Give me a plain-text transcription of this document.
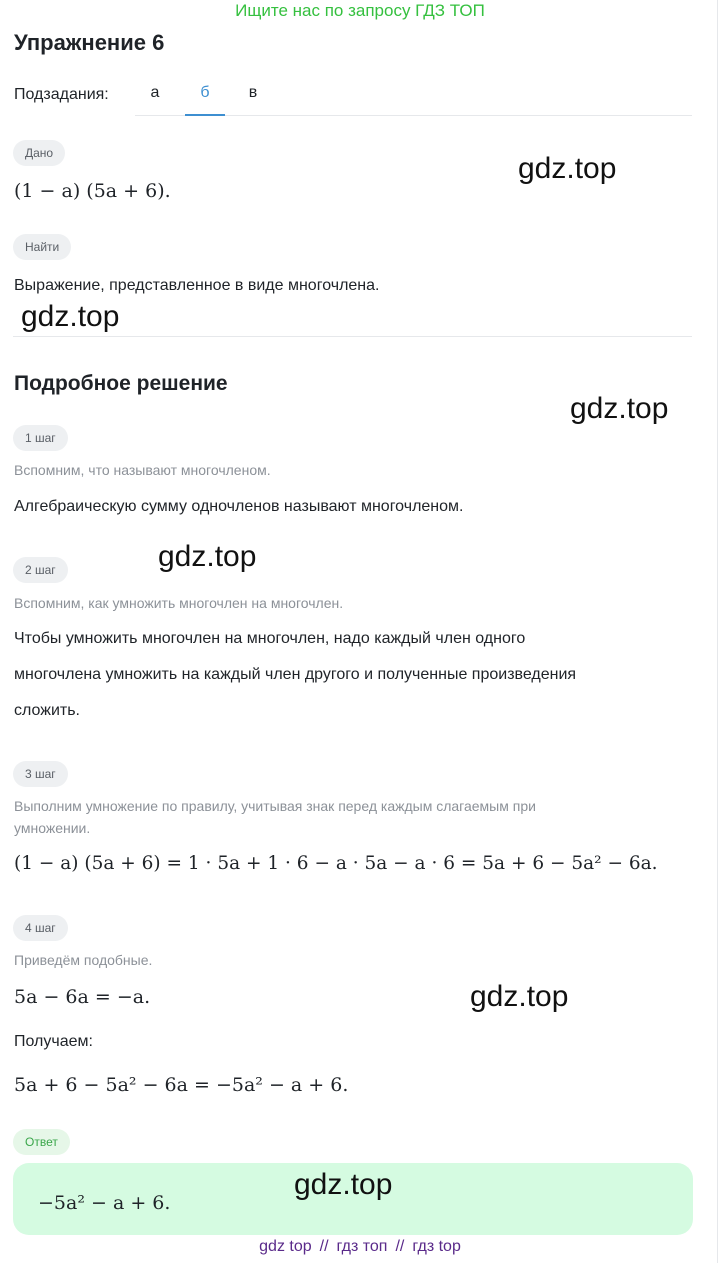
Ищите нас по запросу ГДЗ ТОП
Упражнение 6
Подзадания:	а	б	в
Дано
(1 − a) (5a + 6).
Найти
Выражение, представленное в виде многочлена.
Подробное решение
1 шаг
Вспомним, что называют многочленом.
Алгебраическую сумму одночленов называют многочленом.
2 шаг
Вспомним, как умножить многочлен на многочлен.
Чтобы умножить многочлен на многочлен, надо каждый член одного
многочлена умножить на каждый член другого и полученные произведения
сложить.
3 шаг
Выполним умножение по правилу, учитывая знак перед каждым слагаемым при
умножении.
(1 − a) (5a + 6) = 1 · 5a + 1 · 6 − a · 5a − a · 6 = 5a + 6 − 5a² − 6a.
4 шаг
Приведём подобные.
5a − 6a = −a.
Получаем:
5a + 6 − 5a² − 6a = −5a² − a + 6.
Ответ
−5a² − a + 6.
gdz.top
gdz.top
gdz.top
gdz.top
gdz.top
gdz.top
gdz top // гдз топ // гдз top
